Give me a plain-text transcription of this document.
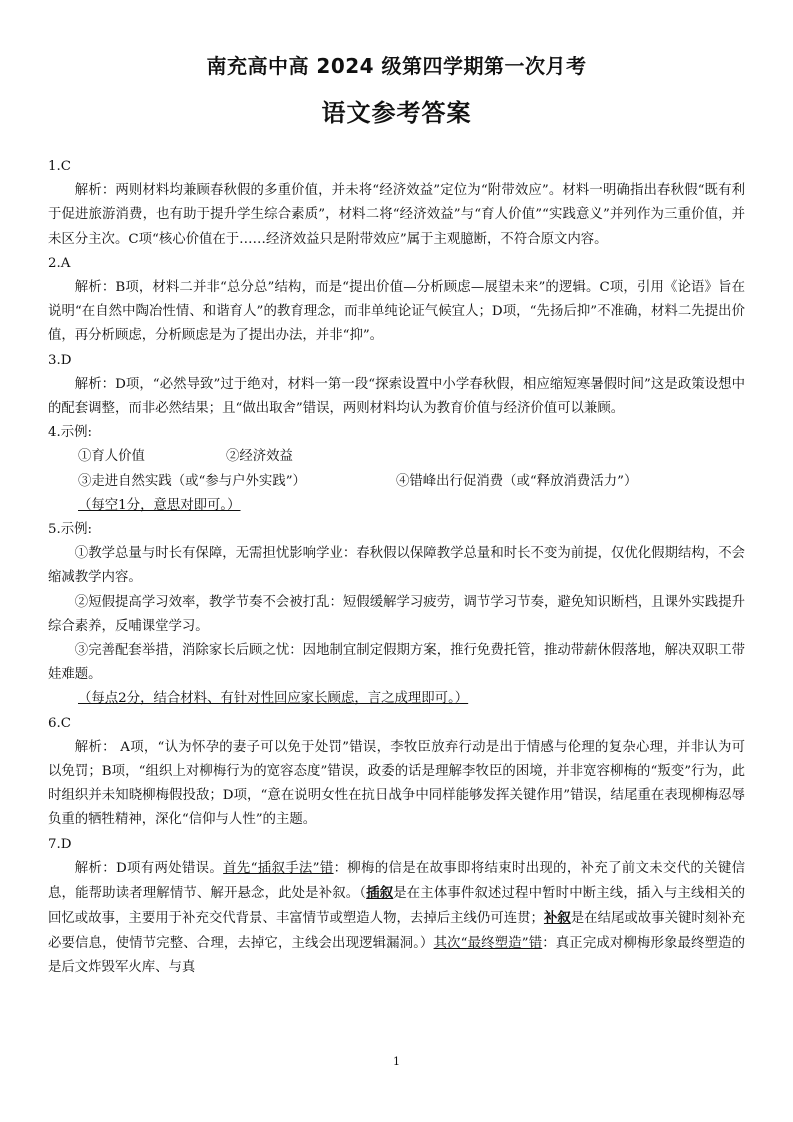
南充高中高 2024 级第四学期第一次月考
语文参考答案

1.C

解析：两则材料均兼顾春秋假的多重价值，并未将“经济效益”定位为“附带效应”。材料一明确指出春秋假“既有利于促进旅游消费，也有助于提升学生综合素质”，材料二将“经济效益”与“育人价值”“实践意义”并列作为三重价值，并未区分主次。C项“核心价值在于……经济效益只是附带效应”属于主观臆断，不符合原文内容。

2.A

解析：B项，材料二并非“总分总”结构，而是“提出价值—分析顾虑—展望未来”的逻辑。C项，引用《论语》旨在说明“在自然中陶冶性情、和谐育人”的教育理念，而非单纯论证气候宜人；D项，“先扬后抑”不准确，材料二先提出价值，再分析顾虑，分析顾虑是为了提出办法，并非“抑”。

3.D

解析：D项，“必然导致”过于绝对，材料一第一段“探索设置中小学春秋假，相应缩短寒暑假时间”这是政策设想中的配套调整，而非必然结果；且“做出取舍”错误，两则材料均认为教育价值与经济价值可以兼顾。

4.示例:

①育人价值	②经济效益

③走进自然实践（或“参与户外实践”）	④错峰出行促消费（或“释放消费活力”）

（每空1分，意思对即可。）

5.示例:

①教学总量与时长有保障，无需担忧影响学业：春秋假以保障教学总量和时长不变为前提，仅优化假期结构，不会缩减教学内容。

②短假提高学习效率，教学节奏不会被打乱：短假缓解学习疲劳，调节学习节奏，避免知识断档，且课外实践提升综合素养，反哺课堂学习。

③完善配套举措，消除家长后顾之忧：因地制宜制定假期方案，推行免费托管，推动带薪休假落地，解决双职工带娃难题。

（每点2分，结合材料、有针对性回应家长顾虑，言之成理即可。）

6.C

解析： A项，“认为怀孕的妻子可以免于处罚”错误，李牧臣放弃行动是出于情感与伦理的复杂心理，并非认为可以免罚；B项，“组织上对柳梅行为的宽容态度”错误，政委的话是理解李牧臣的困境，并非宽容柳梅的“叛变”行为，此时组织并未知晓柳梅假投敌；D项，“意在说明女性在抗日战争中同样能够发挥关键作用”错误，结尾重在表现柳梅忍辱负重的牺牲精神，深化“信仰与人性”的主题。

7.D

解析：D项有两处错误。首先“插叙手法”错：柳梅的信是在故事即将结束时出现的，补充了前文未交代的关键信息，能帮助读者理解情节、解开悬念，此处是补叙。（插叙是在主体事件叙述过程中暂时中断主线，插入与主线相关的回忆或故事，主要用于补充交代背景、丰富情节或塑造人物，去掉后主线仍可连贯；补叙是在结尾或故事关键时刻补充必要信息，使情节完整、合理，去掉它，主线会出现逻辑漏洞。）其次“最终塑造”错：真正完成对柳梅形象最终塑造的是后文炸毁军火库、与真

1
